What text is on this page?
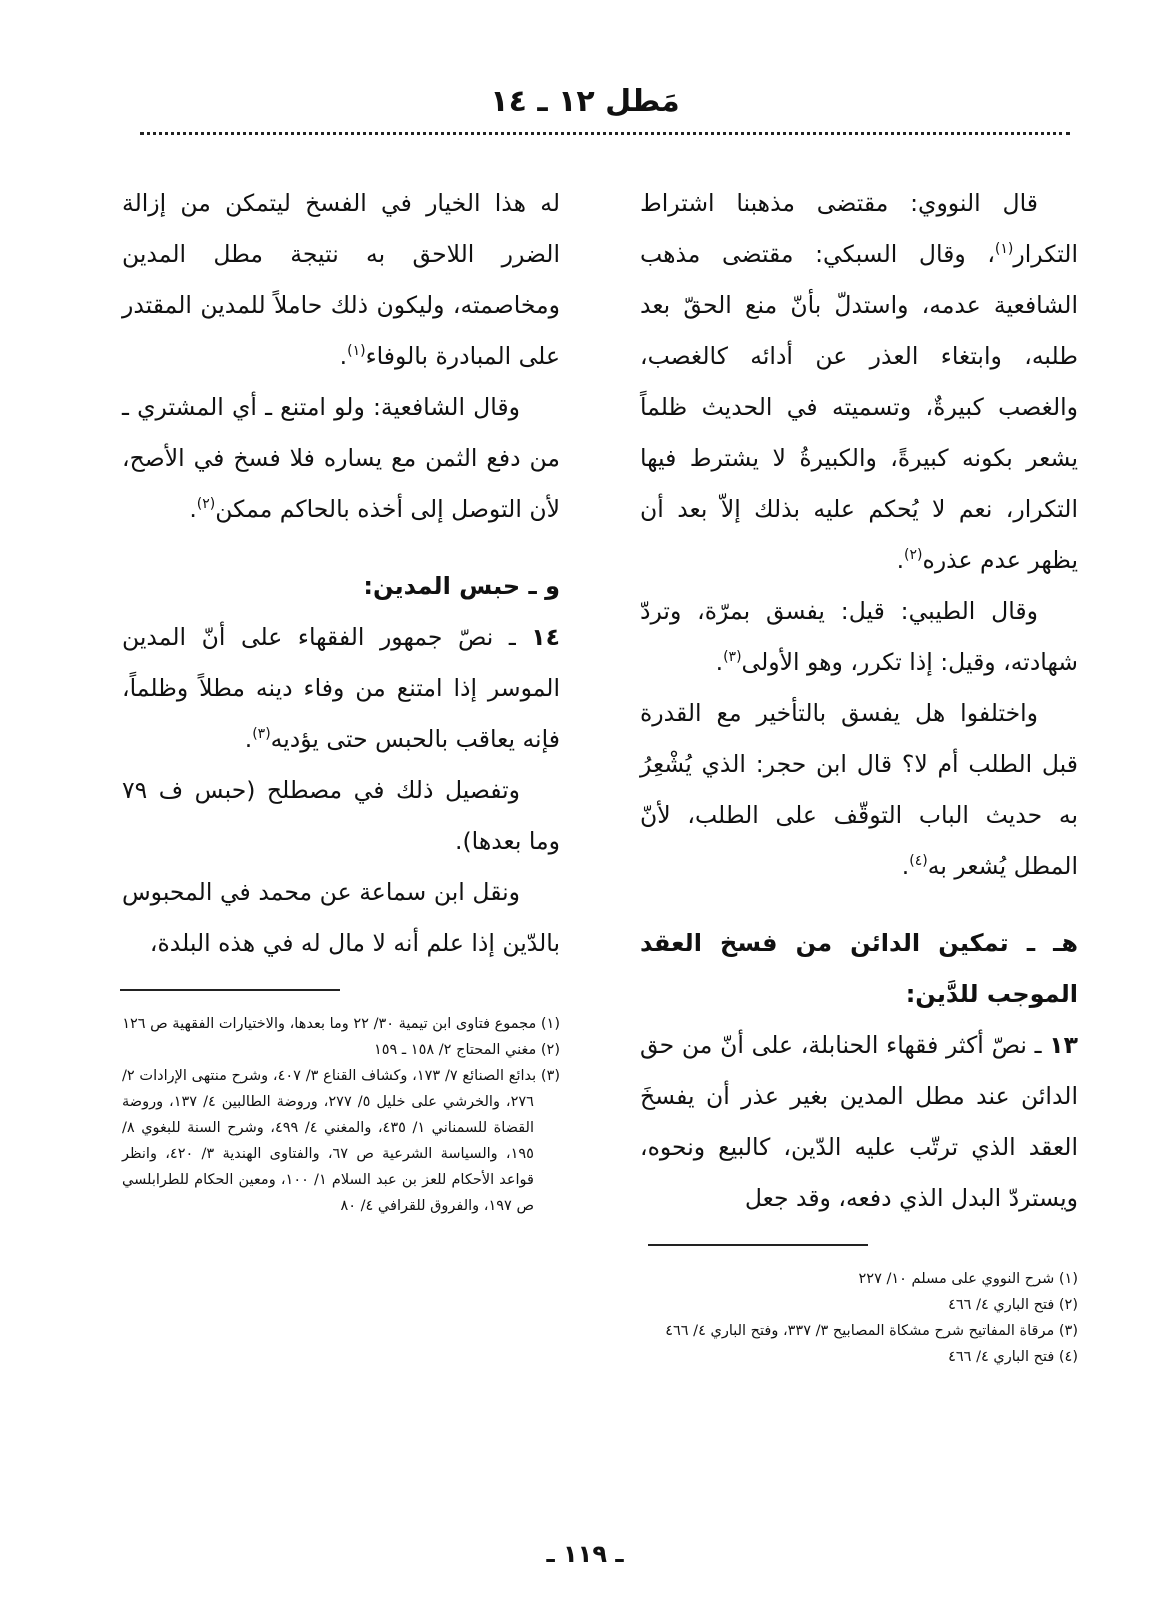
مَطل ١٢ ـ ١٤

قال النووي: مقتضى مذهبنا اشتراط التكرار$^{(١)}$، وقال السبكي: مقتضى مذهب الشافعية عدمه، واستدلّ بأنّ منع الحقّ بعد طلبه، وابتغاء العذر عن أدائه كالغصب، والغصب كبيرةٌ، وتسميته في الحديث ظلماً يشعر بكونه كبيرةً، والكبيرةُ لا يشترط فيها التكرار، نعم لا يُحكم عليه بذلك إلاّ بعد أن يظهر عدم عذره$^{(٢)}$.

وقال الطيبي: قيل: يفسق بمرّة، وتردّ شهادته، وقيل: إذا تكرر، وهو الأولى$^{(٣)}$.

واختلفوا هل يفسق بالتأخير مع القدرة قبل الطلب أم لا؟ قال ابن حجر: الذي يُشْعِرُ به حديث الباب التوقّف على الطلب، لأنّ المطل يُشعر به$^{(٤)}$.

هـ ـ تمكين الدائن من فسخ العقد الموجب للدَّين:

١٣ ـ نصّ أكثر فقهاء الحنابلة، على أنّ من حق الدائن عند مطل المدين بغير عذر أن يفسخَ العقد الذي ترتّب عليه الدّين، كالبيع ونحوه، ويستردّ البدل الذي دفعه، وقد جعل

(١) شرح النووي على مسلم ١٠/ ٢٢٧

(٢) فتح الباري ٤/ ٤٦٦

(٣) مرقاة المفاتيح شرح مشكاة المصابيح ٣/ ٣٣٧، وفتح الباري ٤/ ٤٦٦

(٤) فتح الباري ٤/ ٤٦٦

له هذا الخيار في الفسخ ليتمكن من إزالة الضرر اللاحق به نتيجة مطل المدين ومخاصمته، وليكون ذلك حاملاً للمدين المقتدر على المبادرة بالوفاء$^{(١)}$.

وقال الشافعية: ولو امتنع ـ أي المشتري ـ من دفع الثمن مع يساره فلا فسخ في الأصح، لأن التوصل إلى أخذه بالحاكم ممكن$^{(٢)}$.

و ـ حبس المدين:

١٤ ـ نصّ جمهور الفقهاء على أنّ المدين الموسر إذا امتنع من وفاء دينه مطلاً وظلماً، فإنه يعاقب بالحبس حتى يؤديه$^{(٣)}$.

وتفصيل ذلك في مصطلح (حبس ف ٧٩ وما بعدها).

ونقل ابن سماعة عن محمد في المحبوس بالدّين إذا علم أنه لا مال له في هذه البلدة،

(١) مجموع فتاوى ابن تيمية ٣٠/ ٢٢ وما بعدها، والاختيارات الفقهية ص ١٢٦

(٢) مغني المحتاج ٢/ ١٥٨ ـ ١٥٩

(٣) بدائع الصنائع ٧/ ١٧٣، وكشاف القناع ٣/ ٤٠٧، وشرح منتهى الإرادات ٢/ ٢٧٦، والخرشي على خليل ٥/ ٢٧٧، وروضة الطالبين ٤/ ١٣٧، وروضة القضاة للسمناني ١/ ٤٣٥، والمغني ٤/ ٤٩٩، وشرح السنة للبغوي ٨/ ١٩٥، والسياسة الشرعية ص ٦٧، والفتاوى الهندية ٣/ ٤٢٠، وانظر قواعد الأحكام للعز بن عبد السلام ١/ ١٠٠، ومعين الحكام للطرابلسي ص ١٩٧، والفروق للقرافي ٤/ ٨٠

ـ ١١٩ ـ
